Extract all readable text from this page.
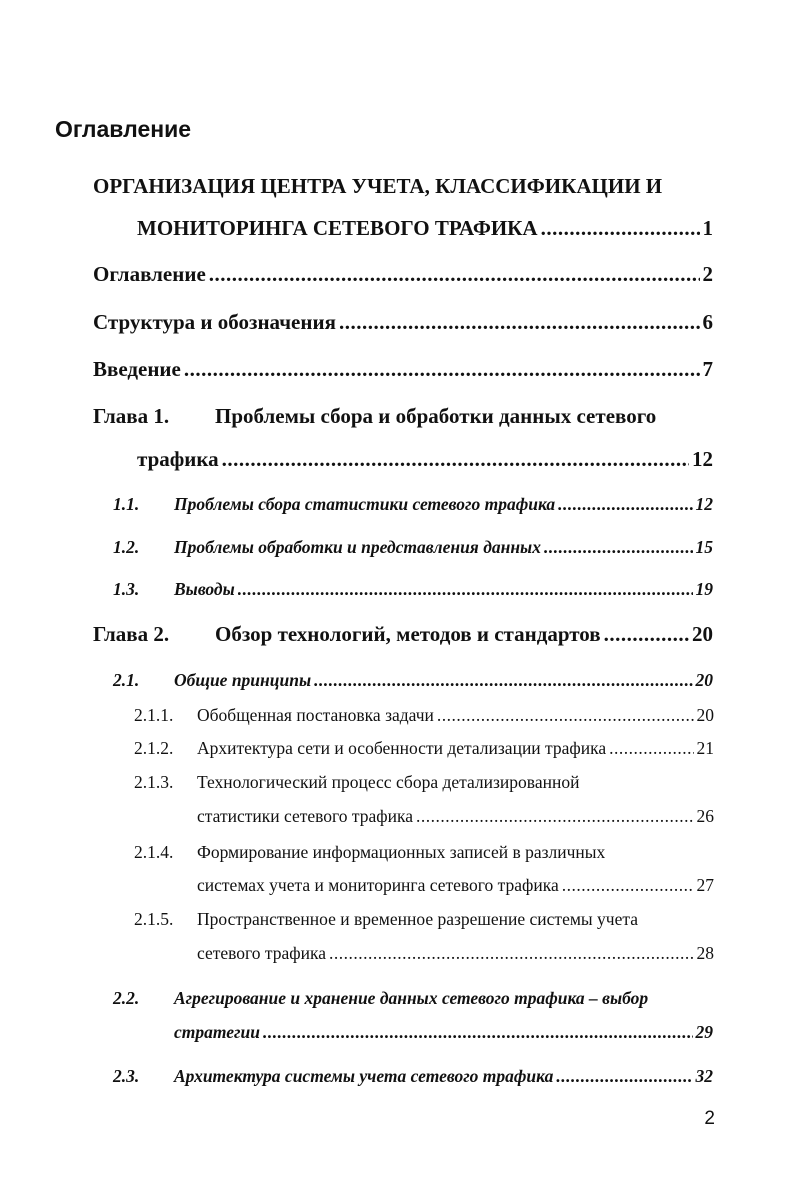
Оглавление
ОРГАНИЗАЦИЯ ЦЕНТРА УЧЕТА, КЛАССИФИКАЦИИ И
МОНИТОРИНГА СЕТЕВОГО ТРАФИКА .....	1
Оглавление .....	2
Структура и обозначения .....	6
Введение .....	7
Глава 1. Проблемы сбора и обработки данных сетевого
трафика .....	12
1.1. Проблемы сбора статистики сетевого трафика .....	12
1.2. Проблемы обработки и представления данных .....	15
1.3. Выводы .....	19
Глава 2. Обзор технологий, методов и стандартов .....	20
2.1. Общие принципы .....	20
2.1.1. Обобщенная постановка задачи .....	20
2.1.2. Архитектура сети и особенности детализации трафика .....	21
2.1.3. Технологический процесс сбора детализированной
статистики сетевого трафика .....	26
2.1.4. Формирование информационных записей в различных
системах учета и мониторинга сетевого трафика .....	27
2.1.5. Пространственное и временное разрешение системы учета
сетевого трафика .....	28
2.2. Агрегирование и хранение данных сетевого трафика – выбор
стратегии .....	29
2.3. Архитектура системы учета сетевого трафика .....	32
2
